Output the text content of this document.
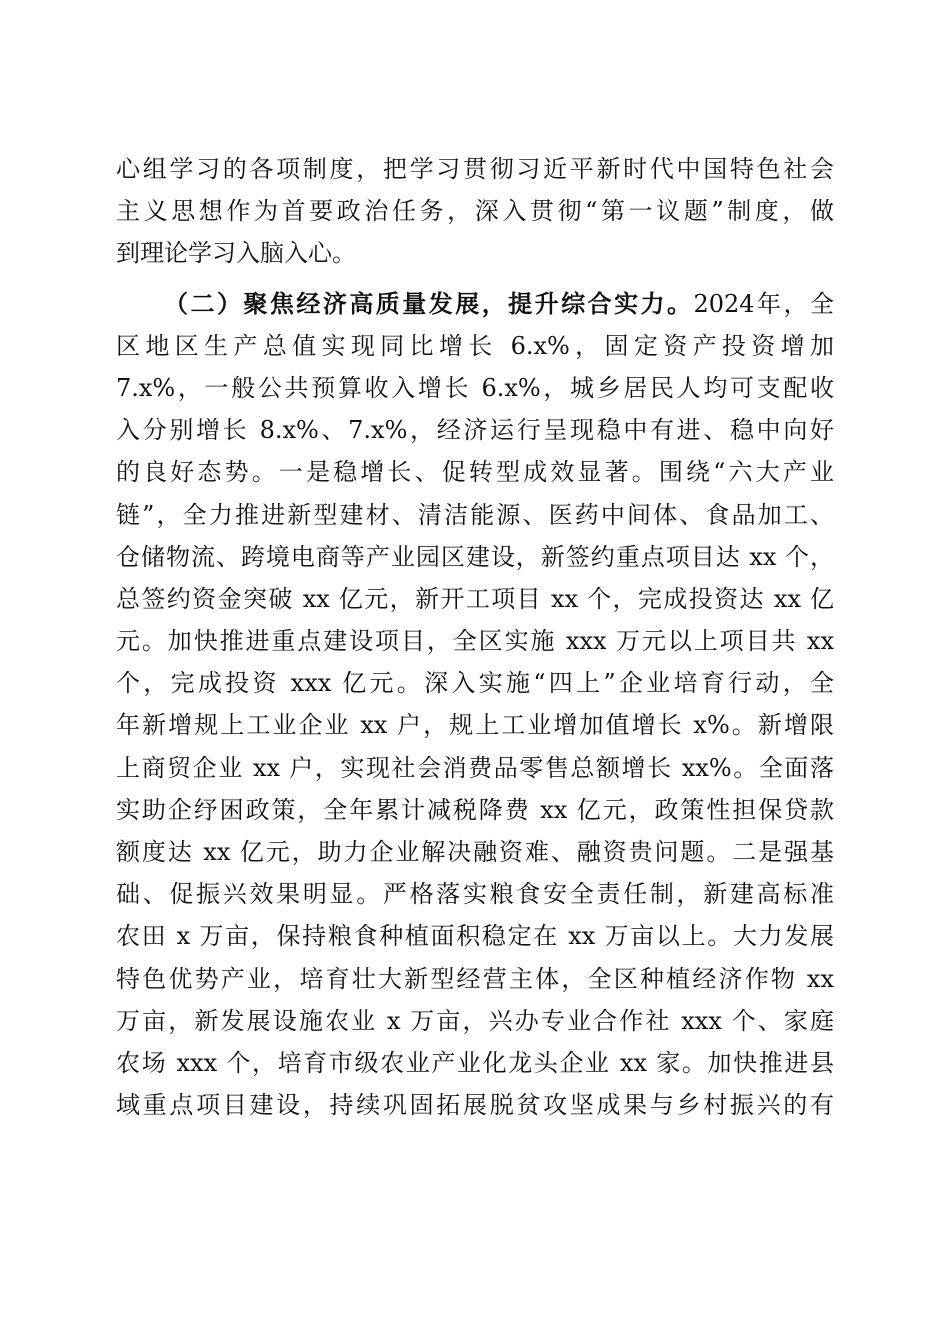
心组学习的各项制度，把学习贯彻习近平新时代中国特色社会
主义思想作为首要政治任务，深入贯彻“第一议题”制度，做
到理论学习入脑入心。
（二）聚焦经济高质量发展，提升综合实力。2024年，全
区地区生产总值实现同比增长 6.x%，固定资产投资增加
7.x%，一般公共预算收入增长 6.x%，城乡居民人均可支配收
入分别增长 8.x%、7.x%，经济运行呈现稳中有进、稳中向好
的良好态势。一是稳增长、促转型成效显著。围绕“六大产业
链”，全力推进新型建材、清洁能源、医药中间体、食品加工、
仓储物流、跨境电商等产业园区建设，新签约重点项目达 xx 个，
总签约资金突破 xx 亿元，新开工项目 xx 个，完成投资达 xx 亿
元。加快推进重点建设项目，全区实施 xxx 万元以上项目共 xx
个，完成投资 xxx 亿元。深入实施“四上”企业培育行动，全
年新增规上工业企业 xx 户，规上工业增加值增长 x%。新增限
上商贸企业 xx 户，实现社会消费品零售总额增长 xx%。全面落
实助企纾困政策，全年累计减税降费 xx 亿元，政策性担保贷款
额度达 xx 亿元，助力企业解决融资难、融资贵问题。二是强基
础、促振兴效果明显。严格落实粮食安全责任制，新建高标准
农田 x 万亩，保持粮食种植面积稳定在 xx 万亩以上。大力发展
特色优势产业，培育壮大新型经营主体，全区种植经济作物 xx
万亩，新发展设施农业 x 万亩，兴办专业合作社 xxx 个、家庭
农场 xxx 个，培育市级农业产业化龙头企业 xx 家。加快推进县
域重点项目建设，持续巩固拓展脱贫攻坚成果与乡村振兴的有
